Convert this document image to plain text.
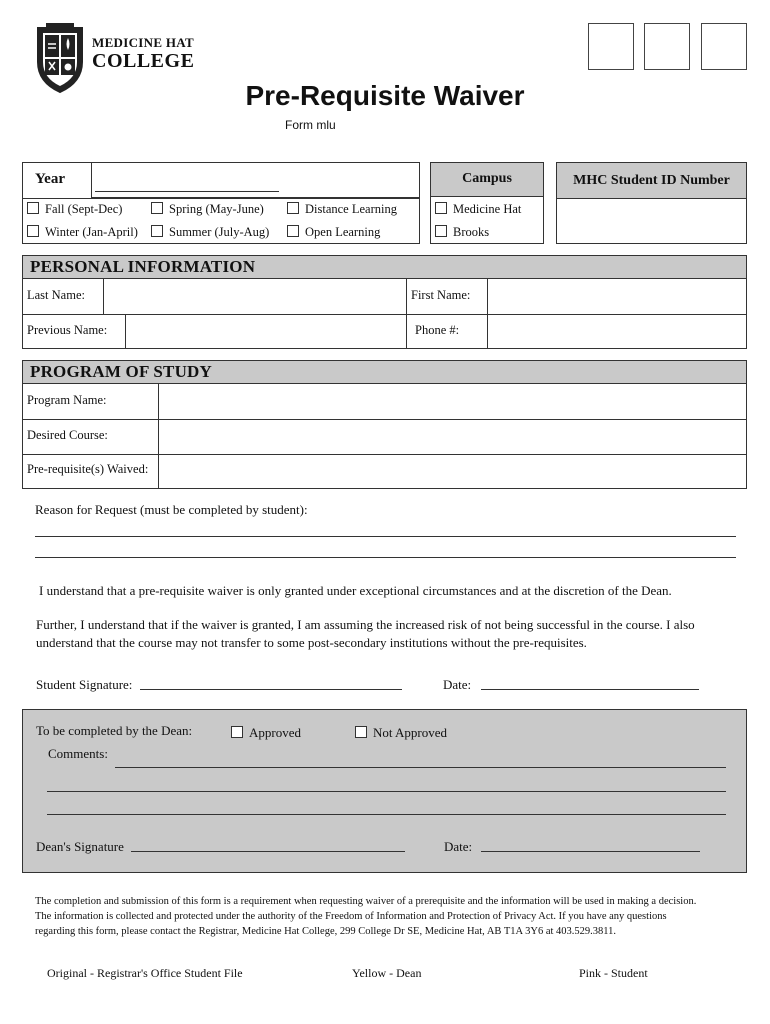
MEDICINE HAT
COLLEGE
Pre-Requisite Waiver
Form mlu
Year
Fall (Sept-Dec)	Spring (May-June)	Distance Learning
Winter (Jan-April)	Summer (July-Aug)	Open Learning
Campus
Medicine Hat
Brooks
MHC Student ID Number
PERSONAL INFORMATION
Last Name:	First Name:
Previous Name:	Phone #:
PROGRAM OF STUDY
Program Name:
Desired Course:
Pre-requisite(s) Waived:
Reason for Request (must be completed by student):
I understand that a pre-requisite waiver is only granted under exceptional circumstances and at the discretion of the Dean.
Further, I understand that if the waiver is granted, I am assuming the increased risk of not being successful in the course. I also understand that the course may not transfer to some post-secondary institutions without the pre-requisites.
Student Signature:	Date:
To be completed by the Dean:	Approved	Not Approved
Comments:
Dean's Signature	Date:
The completion and submission of this form is a requirement when requesting waiver of a prerequisite and the information will be used in making a decision.
The information is collected and protected under the authority of the Freedom of Information and Protection of Privacy Act. If you have any questions
regarding this form, please contact the Registrar, Medicine Hat College, 299 College Dr SE, Medicine Hat, AB T1A 3Y6 at 403.529.3811.
Original - Registrar's Office Student File	Yellow - Dean	Pink - Student
